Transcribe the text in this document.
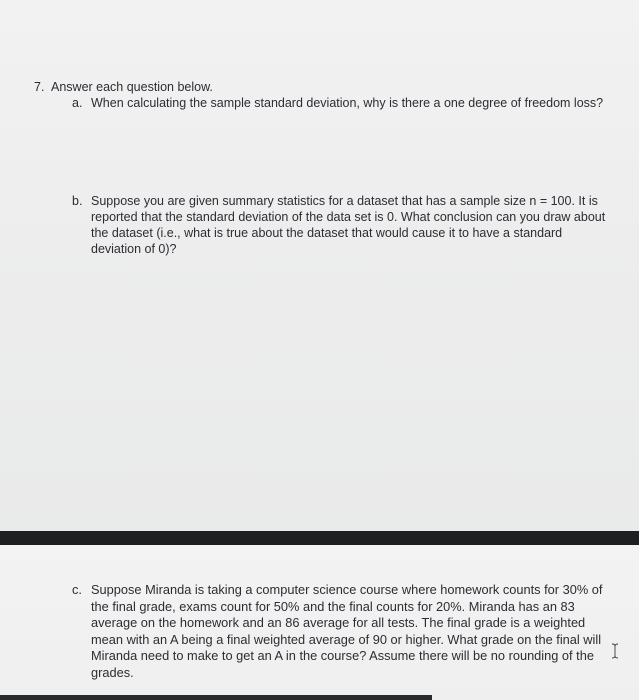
7. Answer each question below.
a. When calculating the sample standard deviation, why is there a one degree of freedom loss?
b. Suppose you are given summary statistics for a dataset that has a sample size n = 100. It is reported that the standard deviation of the data set is 0. What conclusion can you draw about the dataset (i.e., what is true about the dataset that would cause it to have a standard deviation of 0)?
c. Suppose Miranda is taking a computer science course where homework counts for 30% of the final grade, exams count for 50% and the final counts for 20%. Miranda has an 83 average on the homework and an 86 average for all tests. The final grade is a weighted mean with an A being a final weighted average of 90 or higher. What grade on the final will Miranda need to make to get an A in the course? Assume there will be no rounding of the grades.
